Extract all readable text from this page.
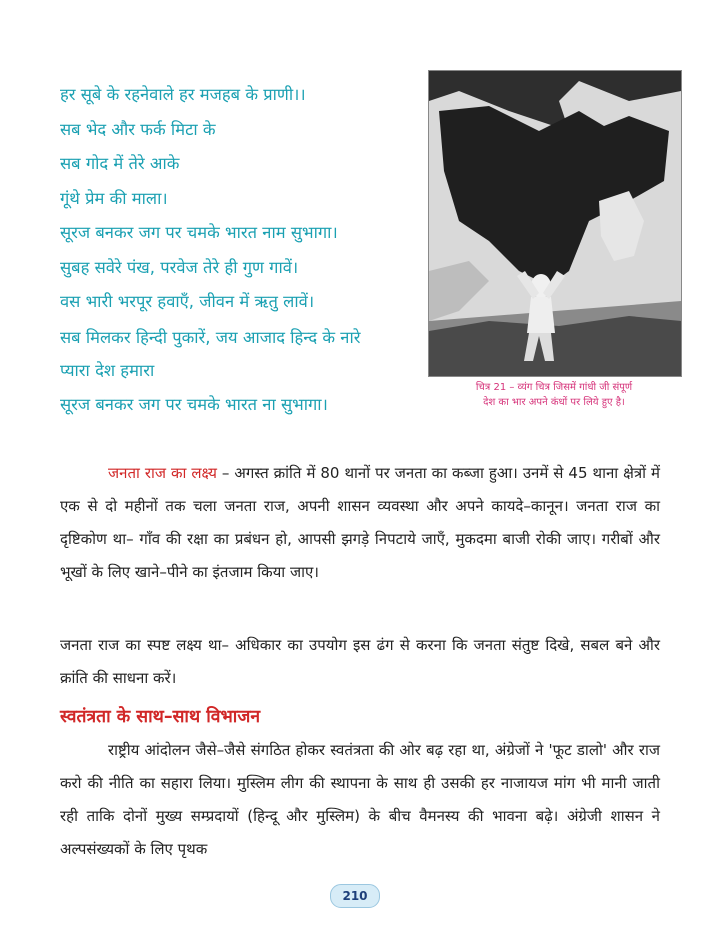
हर सूबे के रहनेवाले हर मजहब के प्राणी।।
सब भेद और फर्क मिटा के
सब गोद में तेरे आके
गूंथे प्रेम की माला।
सूरज बनकर जग पर चमके भारत नाम सुभागा।
सुबह सवेरे पंख, परवेज तेरे ही गुण गावें।
वस भारी भरपूर हवाएँ, जीवन में ऋतु लावें।
सब मिलकर हिन्दी पुकारें, जय आजाद हिन्द के नारे
प्यारा देश हमारा
सूरज बनकर जग पर चमके भारत ना सुभागा।
चित्र 21 – व्यंग चित्र जिसमें गांधी जी संपूर्ण
देश का भार अपने कंधों पर लिये हुए है।
जनता राज का लक्ष्य – अगस्त क्रांति में 80 थानों पर जनता का कब्जा हुआ। उनमें से 45 थाना क्षेत्रों में एक से दो महीनों तक चला जनता राज, अपनी शासन व्यवस्था और अपने कायदे–कानून। जनता राज का दृष्टिकोण था– गाँव की रक्षा का प्रबंधन हो, आपसी झगड़े निपटाये जाएँ, मुकदमा बाजी रोकी जाए। गरीबों और भूखों के लिए खाने–पीने का इंतजाम किया जाए।
जनता राज का स्पष्ट लक्ष्य था– अधिकार का उपयोग इस ढंग से करना कि जनता संतुष्ट दिखे, सबल बने और क्रांति की साधना करें।
स्वतंत्रता के साथ–साथ विभाजन
राष्ट्रीय आंदोलन जैसे–जैसे संगठित होकर स्वतंत्रता की ओर बढ़ रहा था, अंग्रेजों ने 'फूट डालो' और राज करो की नीति का सहारा लिया। मुस्लिम लीग की स्थापना के साथ ही उसकी हर नाजायज मांग भी मानी जाती रही ताकि दोनों मुख्य सम्प्रदायों (हिन्दू और मुस्लिम) के बीच वैमनस्य की भावना बढ़े। अंग्रेजी शासन ने अल्पसंख्यकों के लिए पृथक
210
